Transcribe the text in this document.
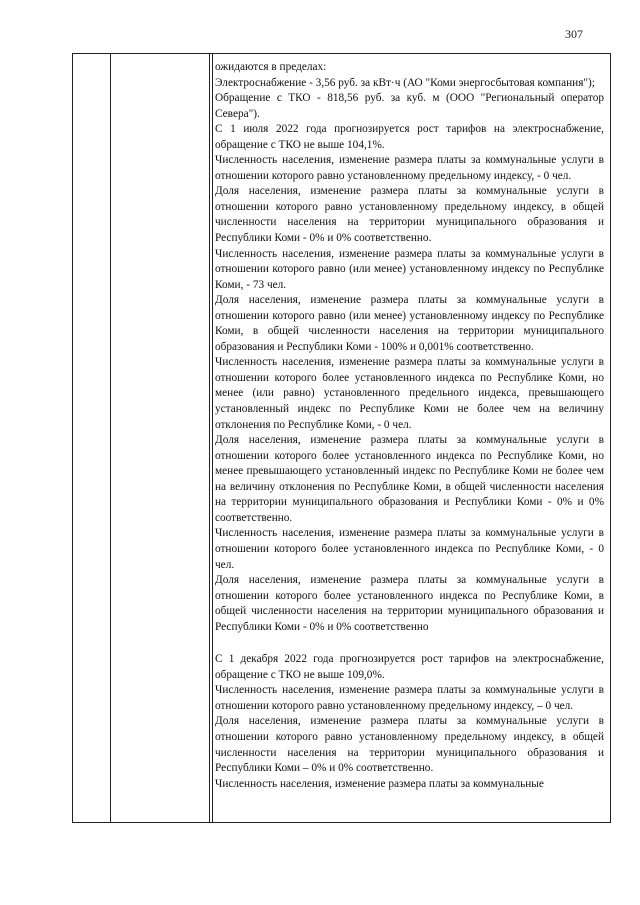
307

ожидаются в пределах:

Электроснабжение - 3,56 руб. за кВт·ч (АО "Коми энергосбытовая компания");

Обращение с ТКО - 818,56 руб. за куб. м (ООО "Региональный оператор Севера").

С 1 июля 2022 года прогнозируется рост тарифов на электроснабжение, обращение с ТКО не выше 104,1%.

Численность населения, изменение размера платы за коммунальные услуги в отношении которого равно установленному предельному индексу, - 0 чел.

Доля населения, изменение размера платы за коммунальные услуги в отношении которого равно установленному предельному индексу, в общей численности населения на территории муниципального образования и Республики Коми - 0% и 0% соответственно.

Численность населения, изменение размера платы за коммунальные услуги в отношении которого равно (или менее) установленному индексу по Республике Коми, - 73 чел.

Доля населения, изменение размера платы за коммунальные услуги в отношении которого равно (или менее) установленному индексу по Республике Коми, в общей численности населения на территории муниципального образования и Республики Коми - 100% и 0,001% соответственно.

Численность населения, изменение размера платы за коммунальные услуги в отношении которого более установленного индекса по Республике Коми, но менее (или равно) установленного предельного индекса, превышающего установленный индекс по Республике Коми не более чем на величину отклонения по Республике Коми, - 0 чел.

Доля населения, изменение размера платы за коммунальные услуги в отношении которого более установленного индекса по Республике Коми, но менее превышающего установленный индекс по Республике Коми не более чем на величину отклонения по Республике Коми, в общей численности населения на территории муниципального образования и Республики Коми - 0% и 0% соответственно.

Численность населения, изменение размера платы за коммунальные услуги в отношении которого более установленного индекса по Республике Коми, - 0 чел.

Доля населения, изменение размера платы за коммунальные услуги в отношении которого более установленного индекса по Республике Коми, в общей численности населения на территории муниципального образования и Республики Коми - 0% и 0% соответственно

С 1 декабря 2022 года прогнозируется рост тарифов на электроснабжение, обращение с ТКО не выше 109,0%.

Численность населения, изменение размера платы за коммунальные услуги в отношении которого равно установленному предельному индексу, – 0 чел.

Доля населения, изменение размера платы за коммунальные услуги в отношении которого равно установленному предельному индексу, в общей численности населения на территории муниципального образования и Республики Коми – 0% и 0% соответственно.

Численность населения, изменение размера платы за коммунальные
